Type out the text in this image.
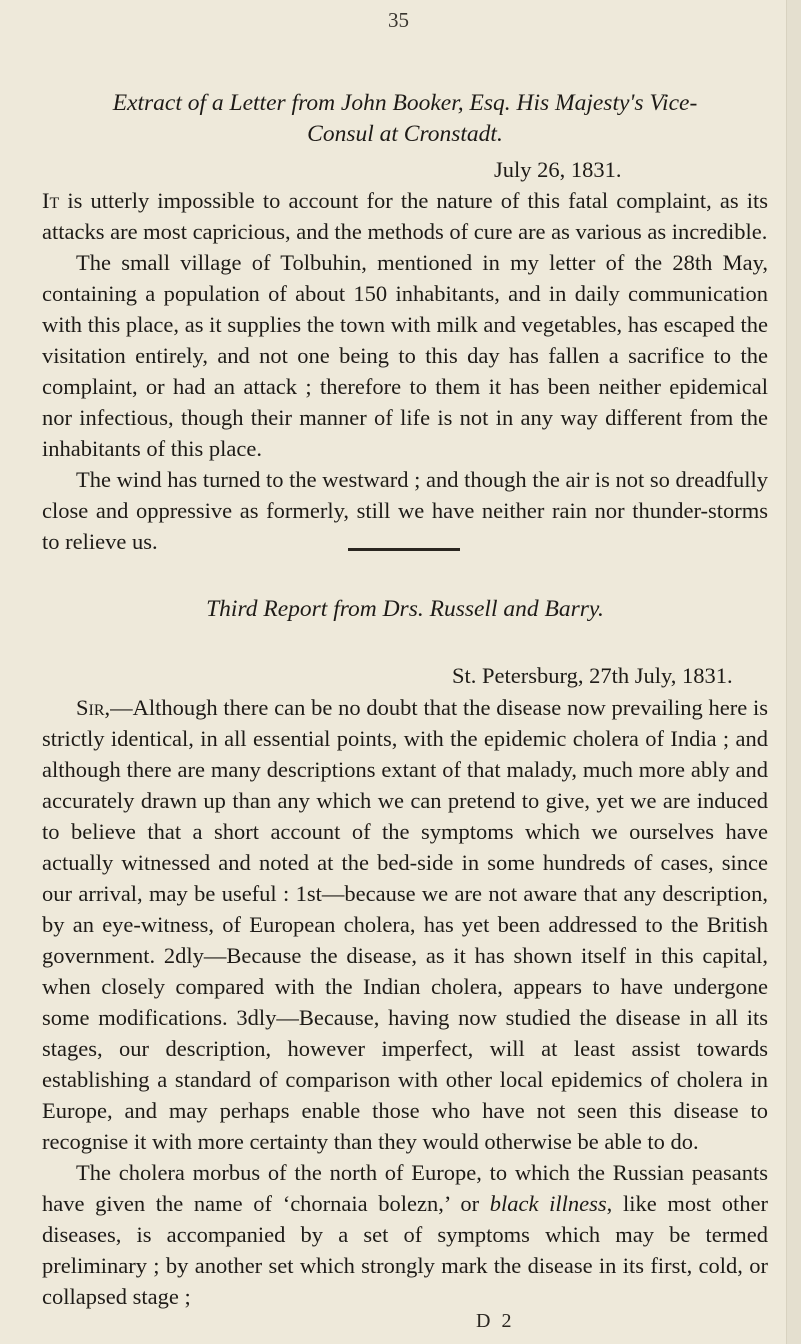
35
Extract of a Letter from John Booker, Esq. His Majesty's Vice-
Consul at Cronstadt.
July 26, 1831.

It is utterly impossible to account for the nature of this fatal complaint, as its attacks are most capricious, and the methods of cure are as various as incredible.

The small village of Tolbuhin, mentioned in my letter of the 28th May, containing a population of about 150 inhabitants, and in daily communication with this place, as it supplies the town with milk and vegetables, has escaped the visitation entirely, and not one being to this day has fallen a sacrifice to the complaint, or had an attack ; therefore to them it has been neither epidemical nor infectious, though their manner of life is not in any way different from the inhabitants of this place.

The wind has turned to the westward ; and though the air is not so dreadfully close and oppressive as formerly, still we have neither rain nor thunder-storms to relieve us.

Third Report from Drs. Russell and Barry.
St. Petersburg, 27th July, 1831.

Sir,—Although there can be no doubt that the disease now prevailing here is strictly identical, in all essential points, with the epidemic cholera of India ; and although there are many descriptions extant of that malady, much more ably and accurately drawn up than any which we can pretend to give, yet we are induced to believe that a short account of the symptoms which we ourselves have actually witnessed and noted at the bed-side in some hundreds of cases, since our arrival, may be useful : 1st—because we are not aware that any description, by an eye-witness, of European cholera, has yet been addressed to the British government. 2dly—Because the disease, as it has shown itself in this capital, when closely compared with the Indian cholera, appears to have undergone some modifications. 3dly—Because, having now studied the disease in all its stages, our description, however imperfect, will at least assist towards establishing a standard of comparison with other local epidemics of cholera in Europe, and may perhaps enable those who have not seen this disease to recognise it with more certainty than they would otherwise be able to do.

The cholera morbus of the north of Europe, to which the Russian peasants have given the name of ‘chornaia bolezn,’ or black illness, like most other diseases, is accompanied by a set of symptoms which may be termed preliminary ; by another set which strongly mark the disease in its first, cold, or collapsed stage ;

D 2
